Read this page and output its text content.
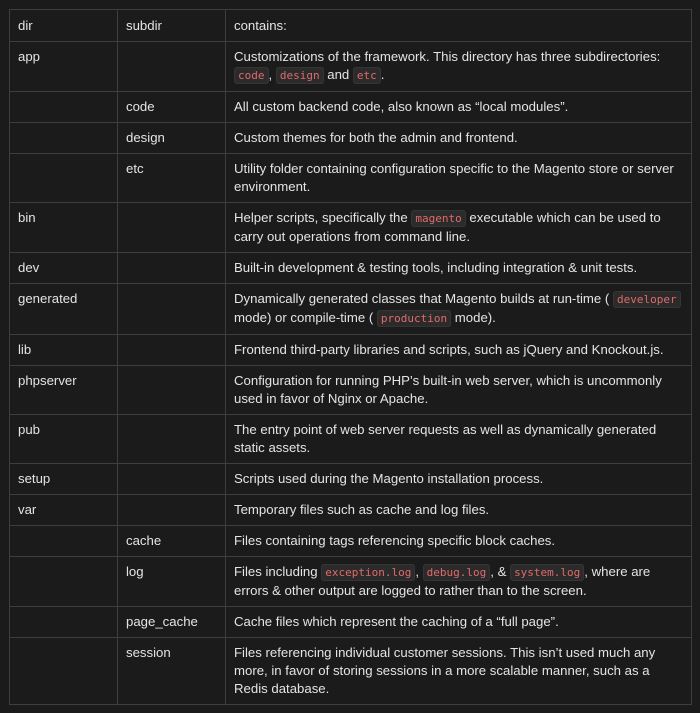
dir	subdir	contains:
app		Customizations of the framework. This directory has three subdirectories: code , design and etc .
	code	All custom backend code, also known as “local modules”.
	design	Custom themes for both the admin and frontend.
	etc	Utility folder containing configuration specific to the Magento store or server environment.
bin		Helper scripts, specifically the magento executable which can be used to carry out operations from command line.
dev		Built-in development & testing tools, including integration & unit tests.
generated		Dynamically generated classes that Magento builds at run-time ( developer mode) or compile-time ( production mode).
lib		Frontend third-party libraries and scripts, such as jQuery and Knockout.js.
phpserver		Configuration for running PHP’s built-in web server, which is uncommonly used in favor of Nginx or Apache.
pub		The entry point of web server requests as well as dynamically generated static assets.
setup		Scripts used during the Magento installation process.
var		Temporary files such as cache and log files.
	cache	Files containing tags referencing specific block caches.
	log	Files including exception.log , debug.log , & system.log , where are errors & other output are logged to rather than to the screen.
	page_cache	Cache files which represent the caching of a “full page”.
	session	Files referencing individual customer sessions. This isn’t used much any more, in favor of storing sessions in a more scalable manner, such as a Redis database.
